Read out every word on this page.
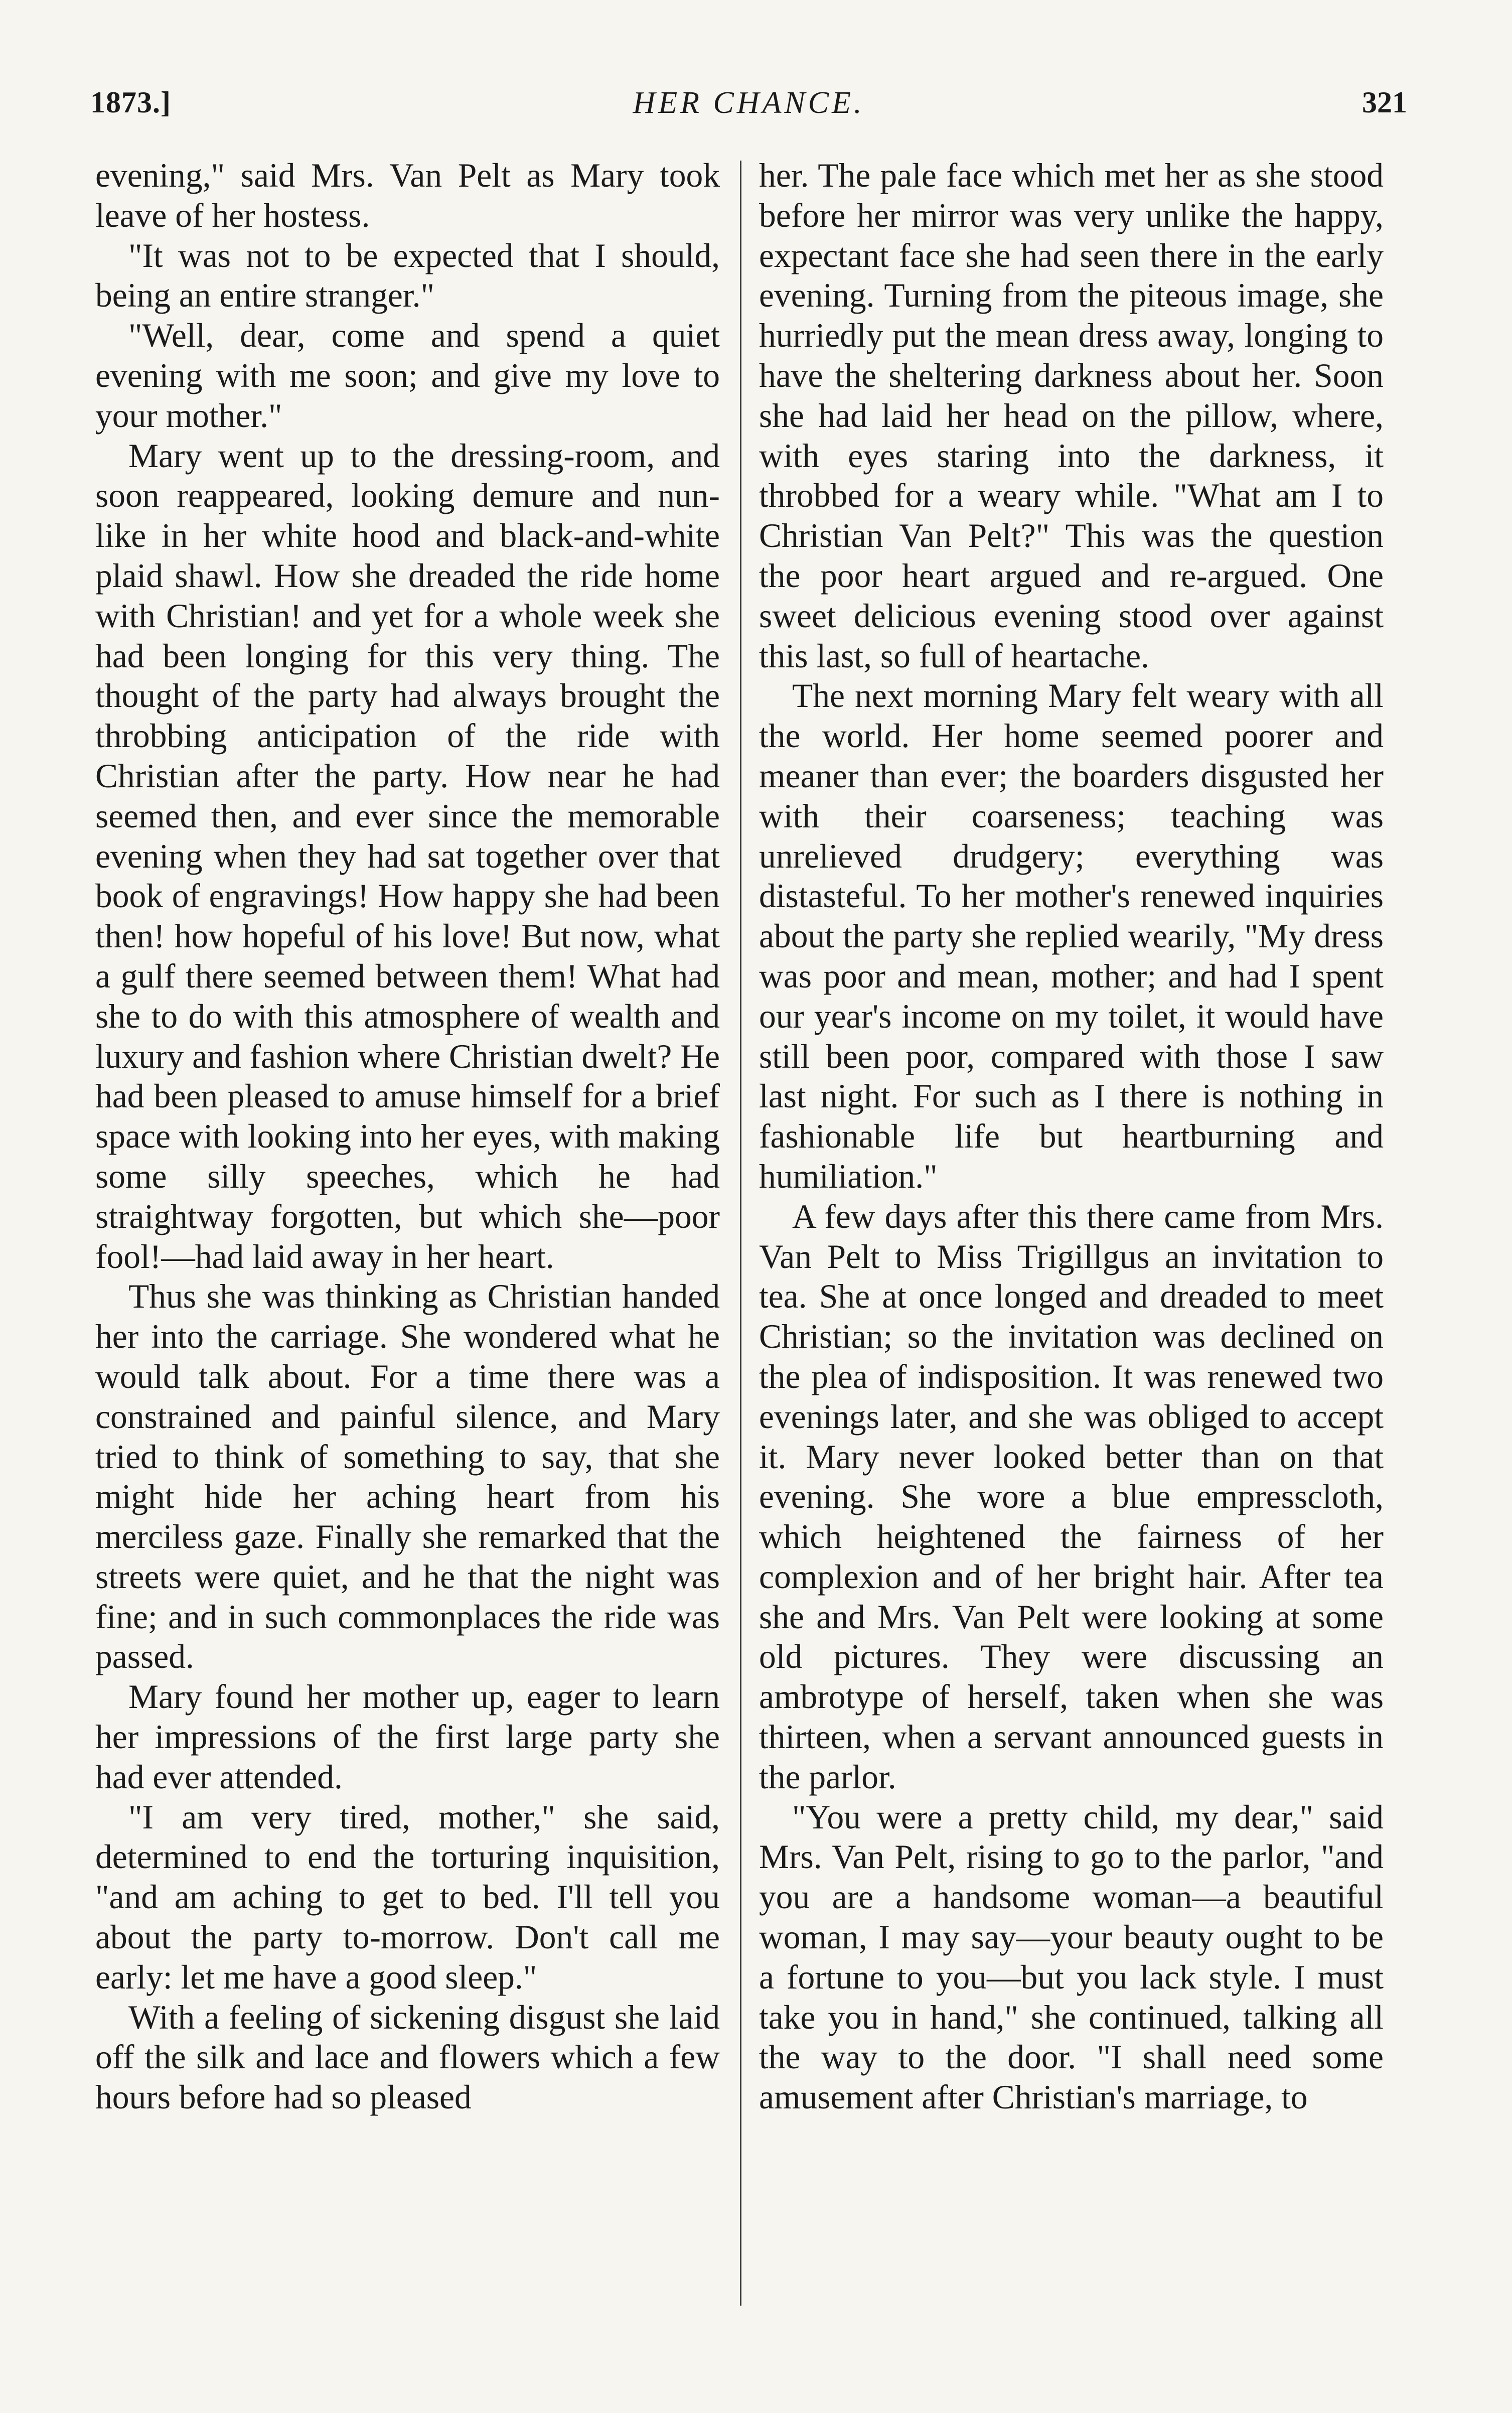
1873.]	HER CHANCE.	321

evening," said Mrs. Van Pelt as Mary took leave of her hostess.

"It was not to be expected that I should, being an entire stranger."

"Well, dear, come and spend a quiet evening with me soon; and give my love to your mother."

Mary went up to the dressing-room, and soon reappeared, looking demure and nun-like in her white hood and black-and-white plaid shawl. How she dreaded the ride home with Christian! and yet for a whole week she had been longing for this very thing. The thought of the party had always brought the throbbing anticipation of the ride with Christian after the party. How near he had seemed then, and ever since the memorable evening when they had sat together over that book of engravings! How happy she had been then! how hopeful of his love! But now, what a gulf there seemed between them! What had she to do with this atmosphere of wealth and luxury and fashion where Christian dwelt? He had been pleased to amuse himself for a brief space with looking into her eyes, with making some silly speeches, which he had straightway forgotten, but which she—poor fool!—had laid away in her heart.

Thus she was thinking as Christian handed her into the carriage. She wondered what he would talk about. For a time there was a constrained and painful silence, and Mary tried to think of something to say, that she might hide her aching heart from his merciless gaze. Finally she remarked that the streets were quiet, and he that the night was fine; and in such commonplaces the ride was passed.

Mary found her mother up, eager to learn her impressions of the first large party she had ever attended.

"I am very tired, mother," she said, determined to end the torturing inquisition, "and am aching to get to bed. I'll tell you about the party to-morrow. Don't call me early: let me have a good sleep."

With a feeling of sickening disgust she laid off the silk and lace and flowers which a few hours before had so pleased

her. The pale face which met her as she stood before her mirror was very unlike the happy, expectant face she had seen there in the early evening. Turning from the piteous image, she hurriedly put the mean dress away, longing to have the sheltering darkness about her. Soon she had laid her head on the pillow, where, with eyes staring into the darkness, it throbbed for a weary while. "What am I to Christian Van Pelt?" This was the question the poor heart argued and re-argued. One sweet delicious evening stood over against this last, so full of heartache.

The next morning Mary felt weary with all the world. Her home seemed poorer and meaner than ever; the boarders disgusted her with their coarseness; teaching was unrelieved drudgery; everything was distasteful. To her mother's renewed inquiries about the party she replied wearily, "My dress was poor and mean, mother; and had I spent our year's income on my toilet, it would have still been poor, compared with those I saw last night. For such as I there is nothing in fashionable life but heartburning and humiliation."

A few days after this there came from Mrs. Van Pelt to Miss Trigillgus an invitation to tea. She at once longed and dreaded to meet Christian; so the invitation was declined on the plea of indisposition. It was renewed two evenings later, and she was obliged to accept it. Mary never looked better than on that evening. She wore a blue empresscloth, which heightened the fairness of her complexion and of her bright hair. After tea she and Mrs. Van Pelt were looking at some old pictures. They were discussing an ambrotype of herself, taken when she was thirteen, when a servant announced guests in the parlor.

"You were a pretty child, my dear," said Mrs. Van Pelt, rising to go to the parlor, "and you are a handsome woman—a beautiful woman, I may say—your beauty ought to be a fortune to you—but you lack style. I must take you in hand," she continued, talking all the way to the door. "I shall need some amusement after Christian's marriage, to
